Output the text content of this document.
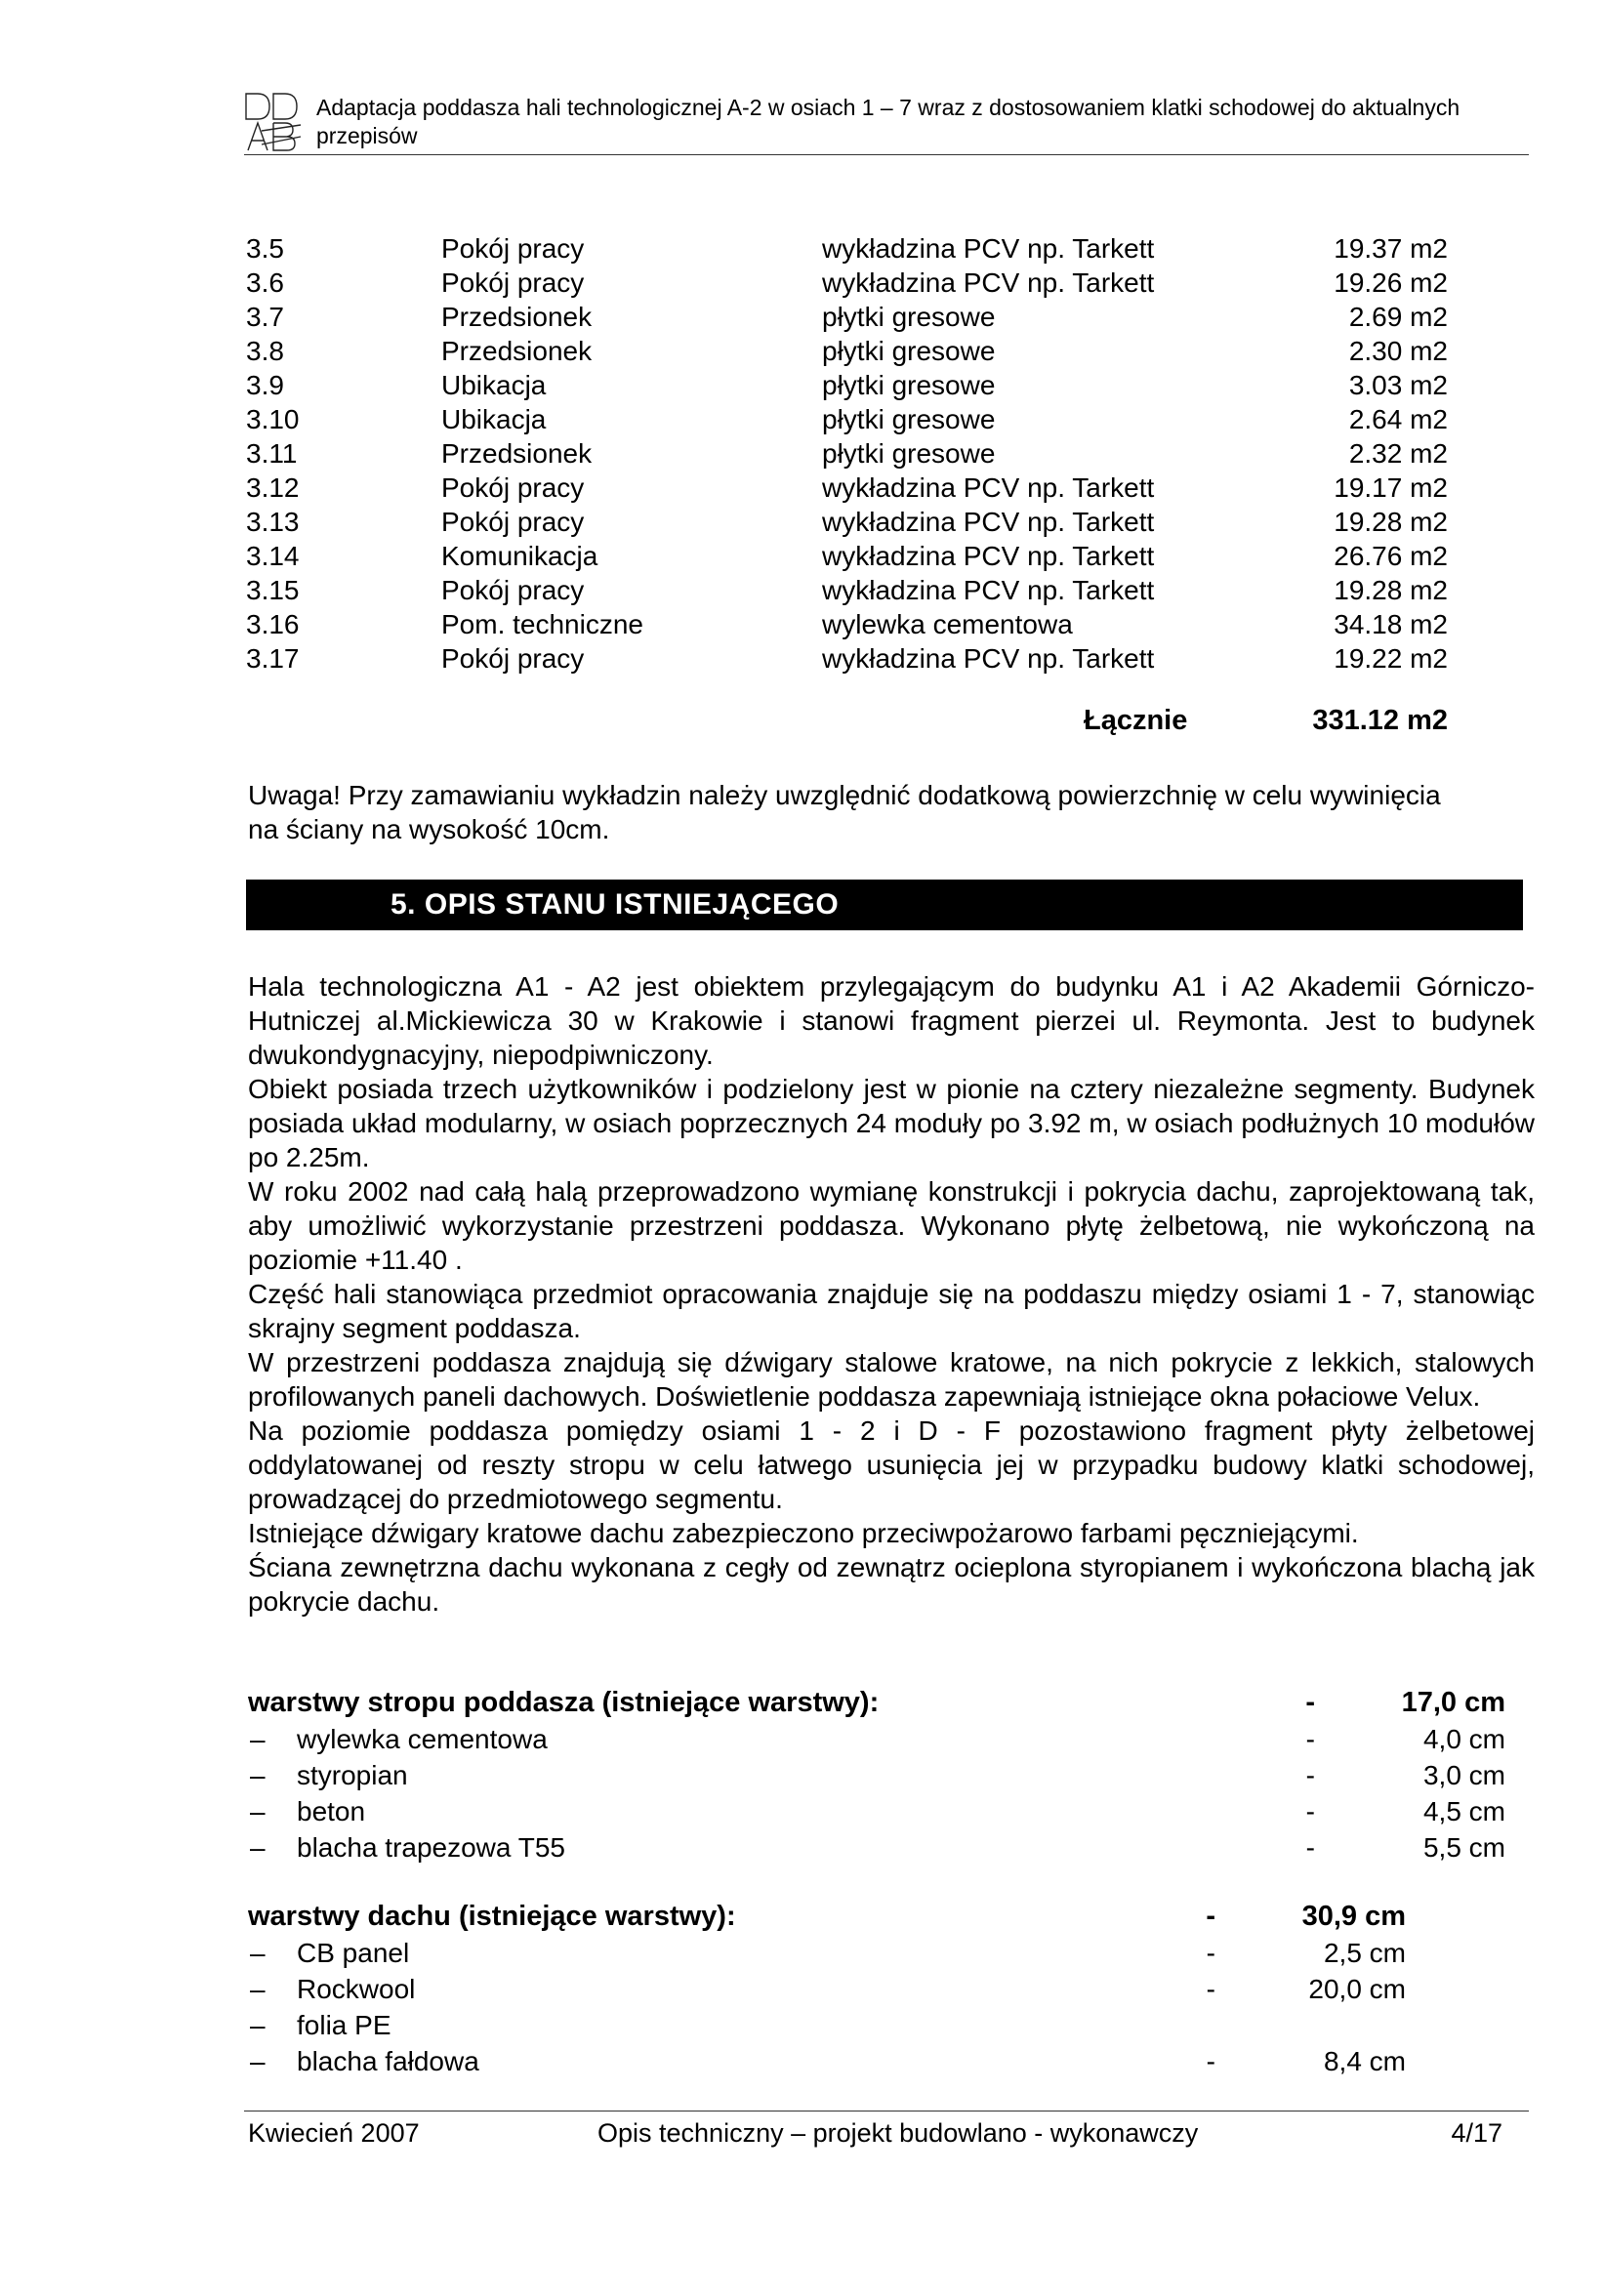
Adaptacja poddasza hali technologicznej A-2 w osiach 1 – 7 wraz z dostosowaniem klatki schodowej do aktualnych przepisów
3.5	Pokój pracy	wykładzina PCV np. Tarkett	19.37 m2
3.6	Pokój pracy	wykładzina PCV np. Tarkett	19.26 m2
3.7	Przedsionek	płytki gresowe	2.69 m2
3.8	Przedsionek	płytki gresowe	2.30 m2
3.9	Ubikacja	płytki gresowe	3.03 m2
3.10	Ubikacja	płytki gresowe	2.64 m2
3.11	Przedsionek	płytki gresowe	2.32 m2
3.12	Pokój pracy	wykładzina PCV np. Tarkett	19.17 m2
3.13	Pokój pracy	wykładzina PCV np. Tarkett	19.28 m2
3.14	Komunikacja	wykładzina PCV np. Tarkett	26.76 m2
3.15	Pokój pracy	wykładzina PCV np. Tarkett	19.28 m2
3.16	Pom. techniczne	wylewka cementowa	34.18 m2
3.17	Pokój pracy	wykładzina PCV np. Tarkett	19.22 m2
Łącznie	331.12 m2
Uwaga! Przy zamawianiu wykładzin należy uwzględnić dodatkową powierzchnię w celu wywinięcia na ściany na wysokość 10cm.
5. OPIS STANU ISTNIEJĄCEGO

Hala technologiczna A1 - A2 jest obiektem przylegającym do budynku A1 i A2 Akademii Górniczo-Hutniczej al.Mickiewicza 30 w Krakowie i stanowi fragment pierzei ul. Reymonta. Jest to budynek dwukondygnacyjny, niepodpiwniczony.

Obiekt posiada trzech użytkowników i podzielony jest w pionie na cztery niezależne segmenty. Budynek posiada układ modularny, w osiach poprzecznych 24 moduły po 3.92 m, w osiach podłużnych 10 modułów po 2.25m.

W roku 2002 nad całą halą przeprowadzono wymianę konstrukcji i pokrycia dachu, zaprojektowaną tak, aby umożliwić wykorzystanie przestrzeni poddasza. Wykonano płytę żelbetową, nie wykończoną na poziomie +11.40 .

Część hali stanowiąca przedmiot opracowania znajduje się na poddaszu między osiami 1 - 7, stanowiąc skrajny segment poddasza.

W przestrzeni poddasza znajdują się dźwigary stalowe kratowe, na nich pokrycie z lekkich, stalowych profilowanych paneli dachowych. Doświetlenie poddasza zapewniają istniejące okna połaciowe Velux.

Na poziomie poddasza pomiędzy osiami 1 - 2 i D - F pozostawiono fragment płyty żelbetowej oddylatowanej od reszty stropu w celu łatwego usunięcia jej w przypadku budowy klatki schodowej, prowadzącej do przedmiotowego segmentu.

Istniejące dźwigary kratowe dachu zabezpieczono przeciwpożarowo farbami pęczniejącymi.

Ściana zewnętrzna dachu wykonana z cegły od zewnątrz ocieplona styropianem i wykończona blachą jak pokrycie dachu.

warstwy stropu poddasza (istniejące warstwy):	-	17,0 cm
– wylewka cementowa	-	4,0 cm
– styropian	-	3,0 cm
– beton	-	4,5 cm
– blacha trapezowa T55	-	5,5 cm
warstwy dachu (istniejące warstwy):	-	30,9 cm
– CB panel	-	2,5 cm
– Rockwool	-	20,0 cm
– folia PE
– blacha fałdowa	-	8,4 cm
Kwiecień 2007	Opis techniczny – projekt budowlano - wykonawczy	4/17
